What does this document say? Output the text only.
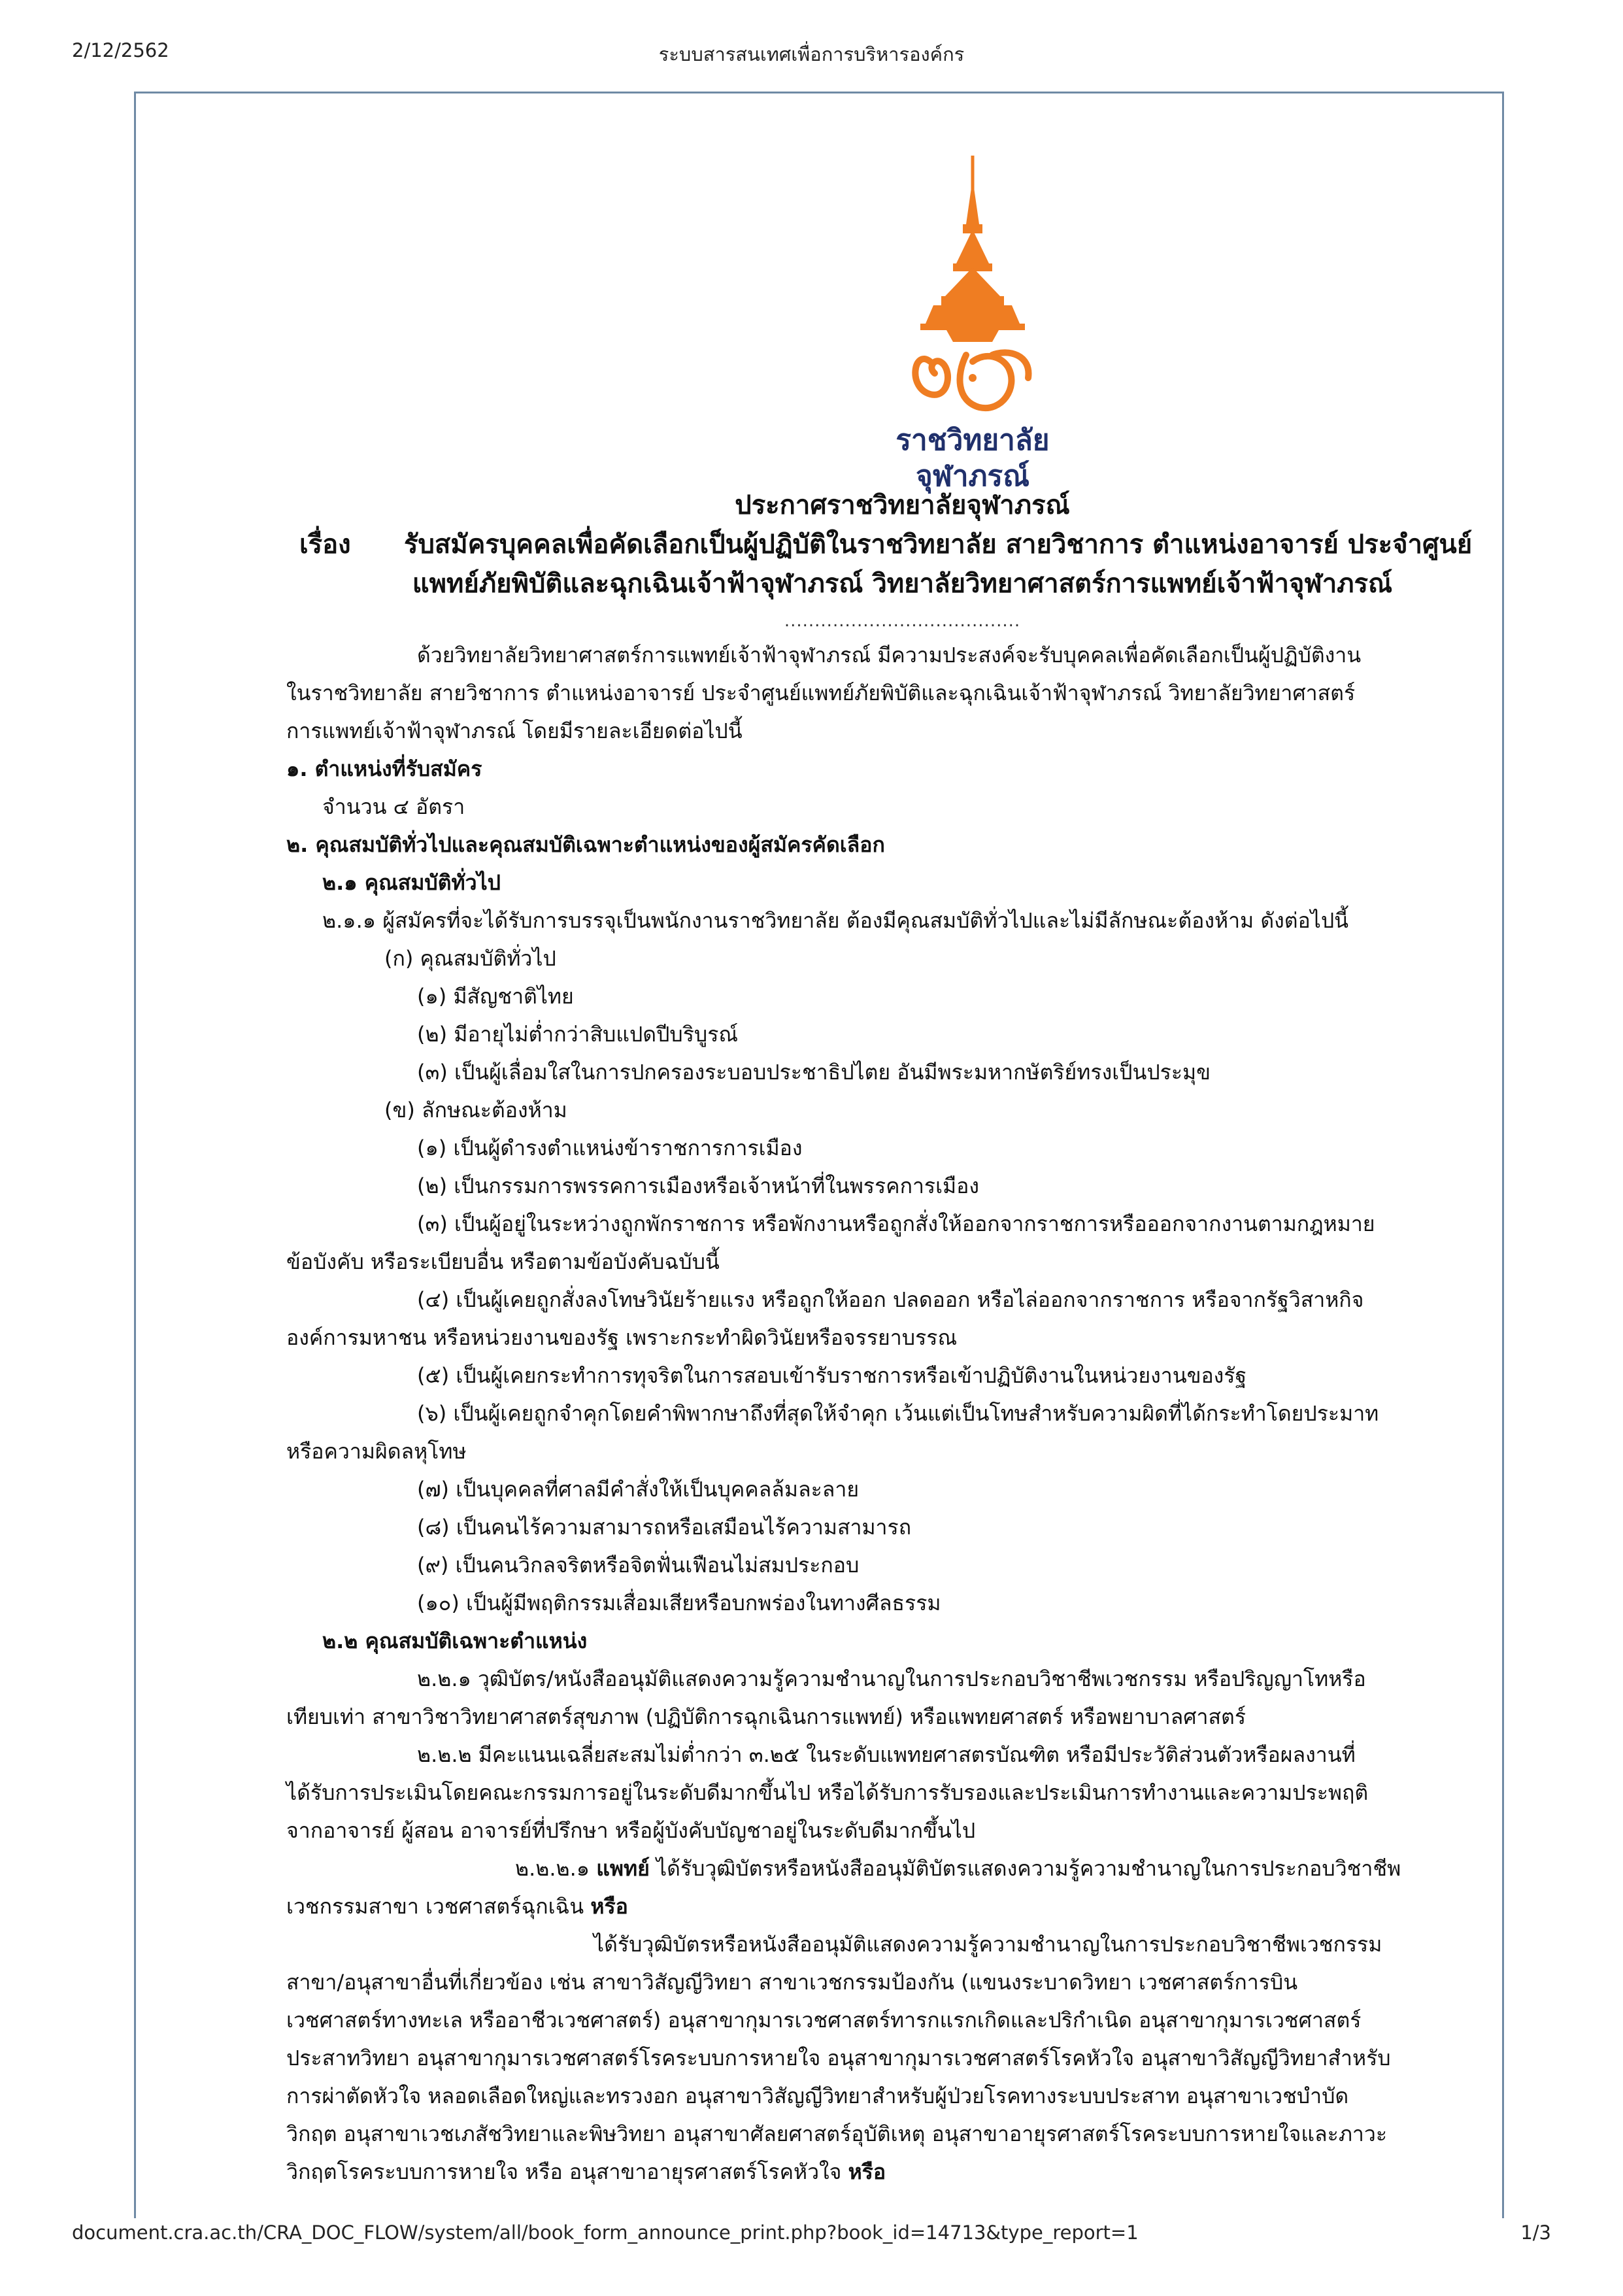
2/12/2562	ระบบสารสนเทศเพื่อการบริหารองค์กร
ราชวิทยาลัย
จุฬาภรณ์
ประกาศราชวิทยาลัยจุฬาภรณ์
เรื่อง รับสมัครบุคคลเพื่อคัดเลือกเป็นผู้ปฏิบัติในราชวิทยาลัย สายวิชาการ ตำแหน่งอาจารย์ ประจำศูนย์
แพทย์ภัยพิบัติและฉุกเฉินเจ้าฟ้าจุฬาภรณ์ วิทยาลัยวิทยาศาสตร์การแพทย์เจ้าฟ้าจุฬาภรณ์
.......................................
ด้วยวิทยาลัยวิทยาศาสตร์การแพทย์เจ้าฟ้าจุฬาภรณ์ มีความประสงค์จะรับบุคคลเพื่อคัดเลือกเป็นผู้ปฏิบัติงาน
ในราชวิทยาลัย สายวิชาการ ตำแหน่งอาจารย์ ประจำศูนย์แพทย์ภัยพิบัติและฉุกเฉินเจ้าฟ้าจุฬาภรณ์ วิทยาลัยวิทยาศาสตร์
การแพทย์เจ้าฟ้าจุฬาภรณ์ โดยมีรายละเอียดต่อไปนี้
๑. ตำแหน่งที่รับสมัคร
จำนวน ๔ อัตรา
๒. คุณสมบัติทั่วไปและคุณสมบัติเฉพาะตำแหน่งของผู้สมัครคัดเลือก
๒.๑ คุณสมบัติทั่วไป
๒.๑.๑ ผู้สมัครที่จะได้รับการบรรจุเป็นพนักงานราชวิทยาลัย ต้องมีคุณสมบัติทั่วไปและไม่มีลักษณะต้องห้าม ดังต่อไปนี้
(ก) คุณสมบัติทั่วไป
(๑) มีสัญชาติไทย
(๒) มีอายุไม่ต่ำกว่าสิบแปดปีบริบูรณ์
(๓) เป็นผู้เลื่อมใสในการปกครองระบอบประชาธิปไตย อันมีพระมหากษัตริย์ทรงเป็นประมุข
(ข) ลักษณะต้องห้าม
(๑) เป็นผู้ดำรงตำแหน่งข้าราชการการเมือง
(๒) เป็นกรรมการพรรคการเมืองหรือเจ้าหน้าที่ในพรรคการเมือง
(๓) เป็นผู้อยู่ในระหว่างถูกพักราชการ หรือพักงานหรือถูกสั่งให้ออกจากราชการหรือออกจากงานตามกฎหมาย
ข้อบังคับ หรือระเบียบอื่น หรือตามข้อบังคับฉบับนี้
(๔) เป็นผู้เคยถูกสั่งลงโทษวินัยร้ายแรง หรือถูกให้ออก ปลดออก หรือไล่ออกจากราชการ หรือจากรัฐวิสาหกิจ
องค์การมหาชน หรือหน่วยงานของรัฐ เพราะกระทำผิดวินัยหรือจรรยาบรรณ
(๕) เป็นผู้เคยกระทำการทุจริตในการสอบเข้ารับราชการหรือเข้าปฏิบัติงานในหน่วยงานของรัฐ
(๖) เป็นผู้เคยถูกจำคุกโดยคำพิพากษาถึงที่สุดให้จำคุก เว้นแต่เป็นโทษสำหรับความผิดที่ได้กระทำโดยประมาท
หรือความผิดลหุโทษ
(๗) เป็นบุคคลที่ศาลมีคำสั่งให้เป็นบุคคลล้มละลาย
(๘) เป็นคนไร้ความสามารถหรือเสมือนไร้ความสามารถ
(๙) เป็นคนวิกลจริตหรือจิตฟั่นเฟือนไม่สมประกอบ
(๑๐) เป็นผู้มีพฤติกรรมเสื่อมเสียหรือบกพร่องในทางศีลธรรม
๒.๒ คุณสมบัติเฉพาะตำแหน่ง
๒.๒.๑ วุฒิบัตร/หนังสืออนุมัติแสดงความรู้ความชำนาญในการประกอบวิชาชีพเวชกรรม หรือปริญญาโทหรือ
เทียบเท่า สาขาวิชาวิทยาศาสตร์สุขภาพ (ปฏิบัติการฉุกเฉินการแพทย์) หรือแพทยศาสตร์ หรือพยาบาลศาสตร์
๒.๒.๒ มีคะแนนเฉลี่ยสะสมไม่ต่ำกว่า ๓.๒๕ ในระดับแพทยศาสตรบัณฑิต หรือมีประวัติส่วนตัวหรือผลงานที่
ได้รับการประเมินโดยคณะกรรมการอยู่ในระดับดีมากขึ้นไป หรือได้รับการรับรองและประเมินการทำงานและความประพฤติ
จากอาจารย์ ผู้สอน อาจารย์ที่ปรึกษา หรือผู้บังคับบัญชาอยู่ในระดับดีมากขึ้นไป
๒.๒.๒.๑ แพทย์ ได้รับวุฒิบัตรหรือหนังสืออนุมัติบัตรแสดงความรู้ความชำนาญในการประกอบวิชาชีพ
เวชกรรมสาขา เวชศาสตร์ฉุกเฉิน หรือ
ได้รับวุฒิบัตรหรือหนังสืออนุมัติแสดงความรู้ความชำนาญในการประกอบวิชาชีพเวชกรรม
สาขา/อนุสาขาอื่นที่เกี่ยวข้อง เช่น สาขาวิสัญญีวิทยา สาขาเวชกรรมป้องกัน (แขนงระบาดวิทยา เวชศาสตร์การบิน
เวชศาสตร์ทางทะเล หรืออาชีวเวชศาสตร์) อนุสาขากุมารเวชศาสตร์ทารกแรกเกิดและปริกำเนิด อนุสาขากุมารเวชศาสตร์
ประสาทวิทยา อนุสาขากุมารเวชศาสตร์โรคระบบการหายใจ อนุสาขากุมารเวชศาสตร์โรคหัวใจ อนุสาขาวิสัญญีวิทยาสำหรับ
การผ่าตัดหัวใจ หลอดเลือดใหญ่และทรวงอก อนุสาขาวิสัญญีวิทยาสำหรับผู้ป่วยโรคทางระบบประสาท อนุสาขาเวชบำบัด
วิกฤต อนุสาขาเวชเภสัชวิทยาและพิษวิทยา อนุสาขาศัลยศาสตร์อุบัติเหตุ อนุสาขาอายุรศาสตร์โรคระบบการหายใจและภาวะ
วิกฤตโรคระบบการหายใจ หรือ อนุสาขาอายุรศาสตร์โรคหัวใจ หรือ
document.cra.ac.th/CRA_DOC_FLOW/system/all/book_form_announce_print.php?book_id=14713&type_report=1	1/3
